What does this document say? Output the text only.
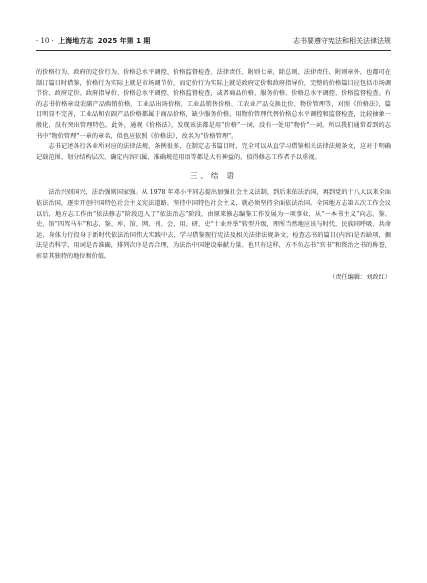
· 10 · 上海地方志 2025 年第 1 期	志书要遵守宪法和相关法律法规

的价格行为、政府的定价行为、价格总水平调控、价格监督检查、法律责任、附则七章，除总则、法律责任、附则章外，也都可在制订篇目时借鉴，价格行为实际上就是市场调节价，而定价行为实际上就是政府定价和政府指导价，完整的价格篇目应包括市场调节价、政府定价、政府指导价、价格总水平调控、价格监督检查，或者商品价格、服务价格、价格总水平调控、价格监督检查。有的志书价格章设农副产品购销价格、工业品出场价格、工业品销售价格、工农业产品交换比价、物价管理等，对照《价格法》，篇目明显不完善，工业品和农副产品价格都属于商品价格，缺少服务价格，用物价管理代替价格总水平调控和监督检查，比较抽象一般化，没有突出管理特色。此外，通观《价格法》，发现该法都是用“价格”一词，没有一处用“物价”一词，所以我们通常看到的志书中“物价管理”一章的章名，似也应依照《价格法》，改名为“价格管理”。

志书记述各行各业所对应的法律法规，条例很多，在制定志书篇目时，完全可以从直学习借鉴相关法律法规条文，这对于明确记载范围、划分结构层次、确定内容归属，准确规范用语等都是大有神益的，值得修志工作者予以重视。

三、结 语

法治兴则国兴，法治强则国家强。从 1978 年邓小平同志提出加强社会主义法制，到后来依法治国，再到党的十八大以来全面依法治国，逐步开创中国特色社会主义宪法道路。坚持中国特色社会主义，就必须坚持全面依法治国。全国地方志第五次工作会议以后，地方志工作由“依法修志”阶段迈入了“依法治志”阶段，由原来修志编鉴工作发展为一项事业，从“一本书主义”向志、鉴、史、馆“四驾马车”和志、鉴、库、馆、网、刊、会、用、研、史“十业并举”转型升级，理所当然地应该与时代、民族同呼吸、共命运，身体力行投身于新时代依法治国伟大实践中去，学习借鉴现行宪法及相关法律法规条文，检查志书的篇目(内容)是否缺项，掘法是否科学，用词是否准确，排列次序是否合理，为法治中国建设奉献力量。也只有这样，方不负志书“官书”和资治之书的称誉，彰显其独特的地位和价值。

（责任编辑：刘政红）
